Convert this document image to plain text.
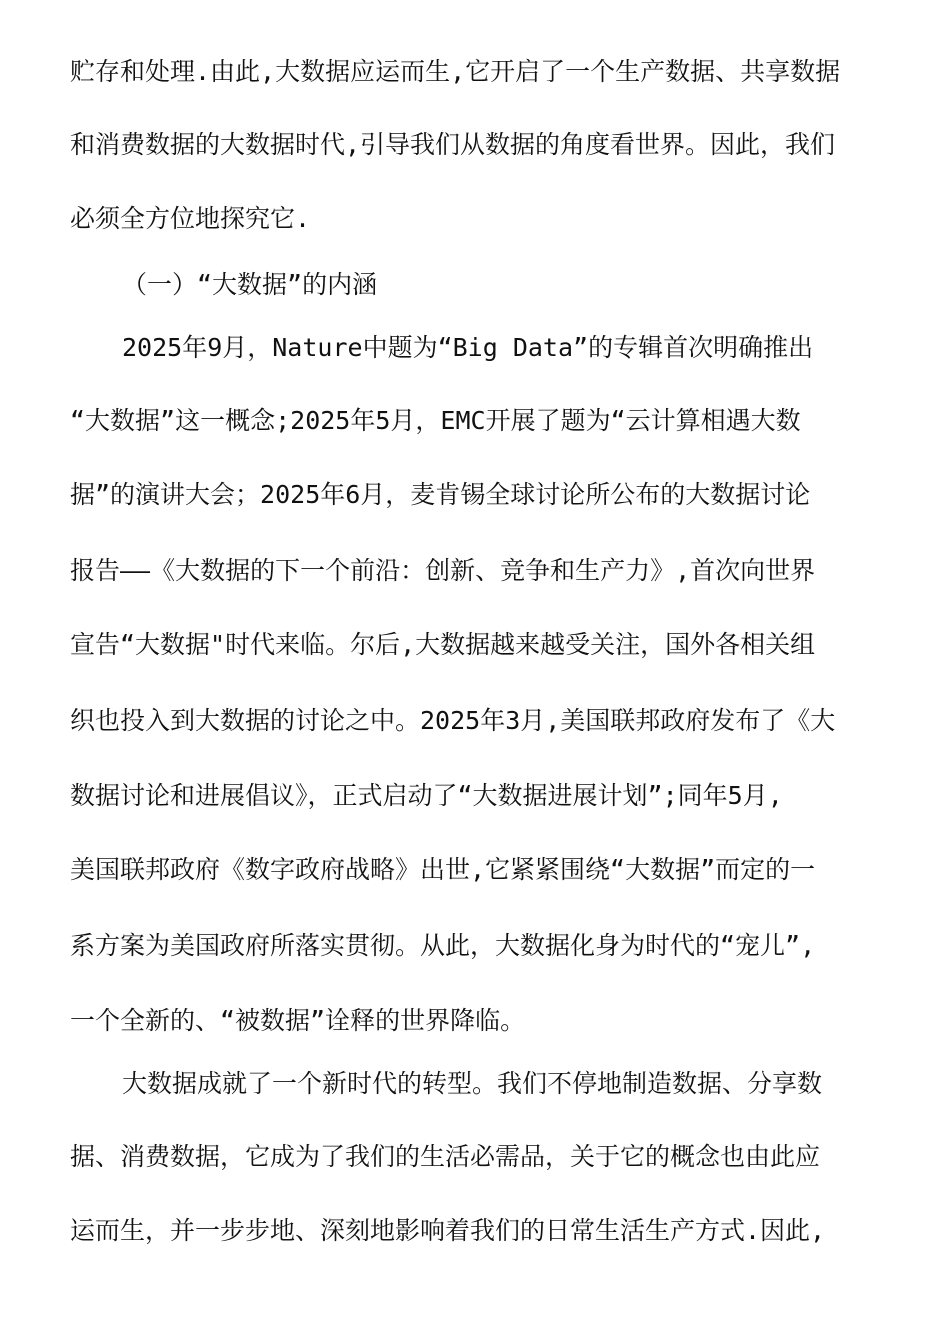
贮存和处理.由此,大数据应运而生,它开启了一个生产数据、共享数据
和消费数据的大数据时代,引导我们从数据的角度看世界。因此，我们
必须全方位地探究它.
（一）“大数据”的内涵
2025年9月，Nature中题为“Big Data”的专辑首次明确推出
“大数据”这一概念;2025年5月，EMC开展了题为“云计算相遇大数
据”的演讲大会；2025年6月，麦肯锡全球讨论所公布的大数据讨论
报告——《大数据的下一个前沿：创新、竞争和生产力》,首次向世界
宣告“大数据"时代来临。尔后,大数据越来越受关注，国外各相关组
织也投入到大数据的讨论之中。2025年3月,美国联邦政府发布了《大
数据讨论和进展倡议》，正式启动了“大数据进展计划”;同年5月,
美国联邦政府《数字政府战略》出世,它紧紧围绕“大数据”而定的一
系方案为美国政府所落实贯彻。从此，大数据化身为时代的“宠儿”,
一个全新的、“被数据”诠释的世界降临。
大数据成就了一个新时代的转型。我们不停地制造数据、分享数
据、消费数据，它成为了我们的生活必需品，关于它的概念也由此应
运而生，并一步步地、深刻地影响着我们的日常生活生产方式.因此,
